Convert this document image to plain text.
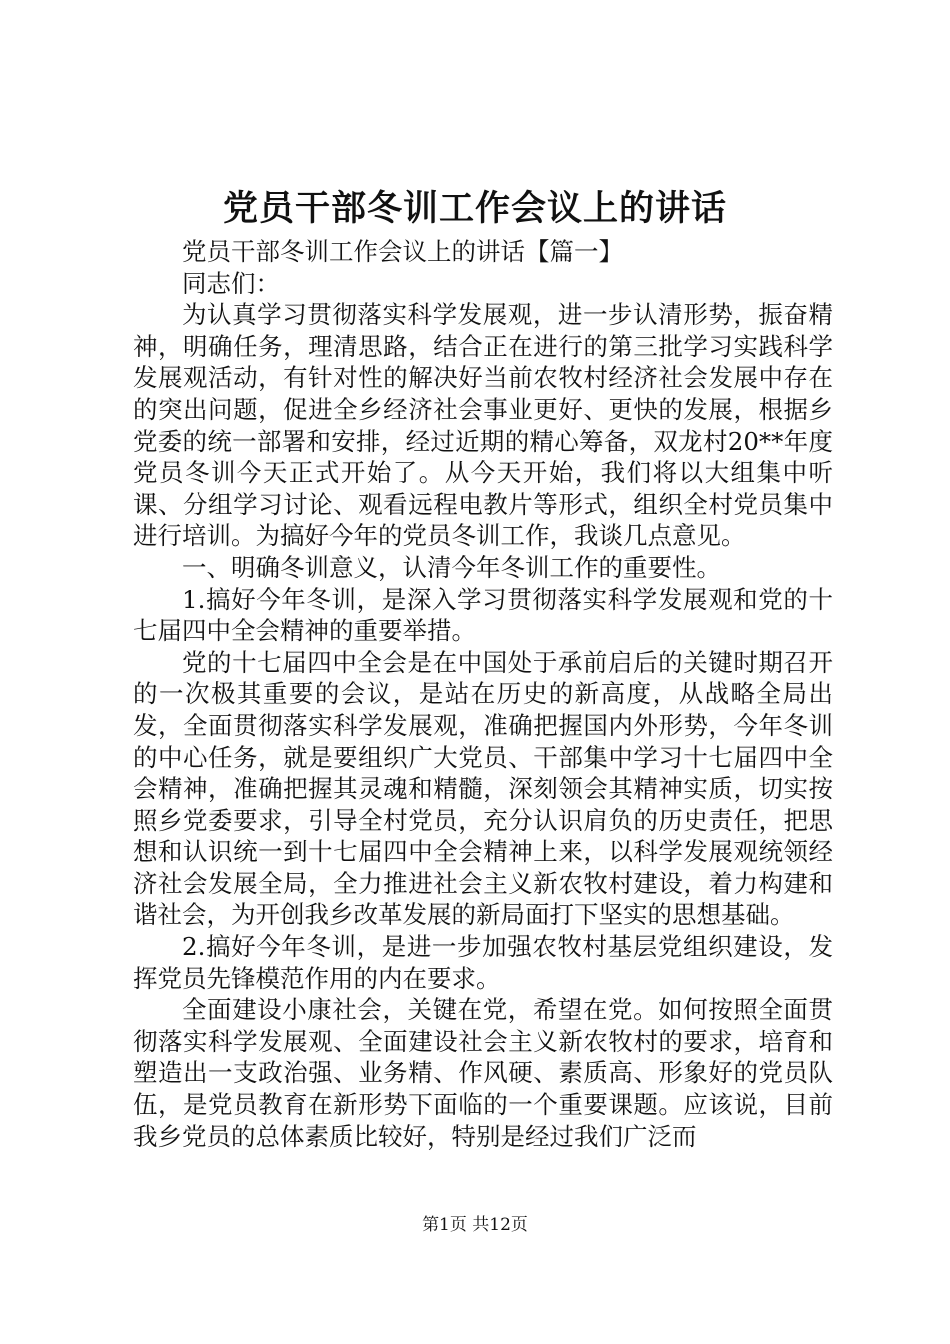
党员干部冬训工作会议上的讲话

党员干部冬训工作会议上的讲话【篇一】

同志们：

为认真学习贯彻落实科学发展观，进一步认清形势，振奋精神，明确任务，理清思路，结合正在进行的第三批学习实践科学发展观活动，有针对性的解决好当前农牧村经济社会发展中存在的突出问题，促进全乡经济社会事业更好、更快的发展，根据乡党委的统一部署和安排，经过近期的精心筹备，双龙村20**年度党员冬训今天正式开始了。从今天开始，我们将以大组集中听课、分组学习讨论、观看远程电教片等形式，组织全村党员集中进行培训。为搞好今年的党员冬训工作，我谈几点意见。

一、明确冬训意义，认清今年冬训工作的重要性。

1.搞好今年冬训，是深入学习贯彻落实科学发展观和党的十七届四中全会精神的重要举措。

党的十七届四中全会是在中国处于承前启后的关键时期召开的一次极其重要的会议，是站在历史的新高度，从战略全局出发，全面贯彻落实科学发展观，准确把握国内外形势，今年冬训的中心任务，就是要组织广大党员、干部集中学习十七届四中全会精神，准确把握其灵魂和精髓，深刻领会其精神实质，切实按照乡党委要求，引导全村党员，充分认识肩负的历史责任，把思想和认识统一到十七届四中全会精神上来，以科学发展观统领经济社会发展全局，全力推进社会主义新农牧村建设，着力构建和谐社会，为开创我乡改革发展的新局面打下坚实的思想基础。

2.搞好今年冬训，是进一步加强农牧村基层党组织建设，发挥党员先锋模范作用的内在要求。

全面建设小康社会，关键在党，希望在党。如何按照全面贯彻落实科学发展观、全面建设社会主义新农牧村的要求，培育和塑造出一支政治强、业务精、作风硬、素质高、形象好的党员队伍，是党员教育在新形势下面临的一个重要课题。应该说，目前我乡党员的总体素质比较好，特别是经过我们广泛而

第1页 共12页
